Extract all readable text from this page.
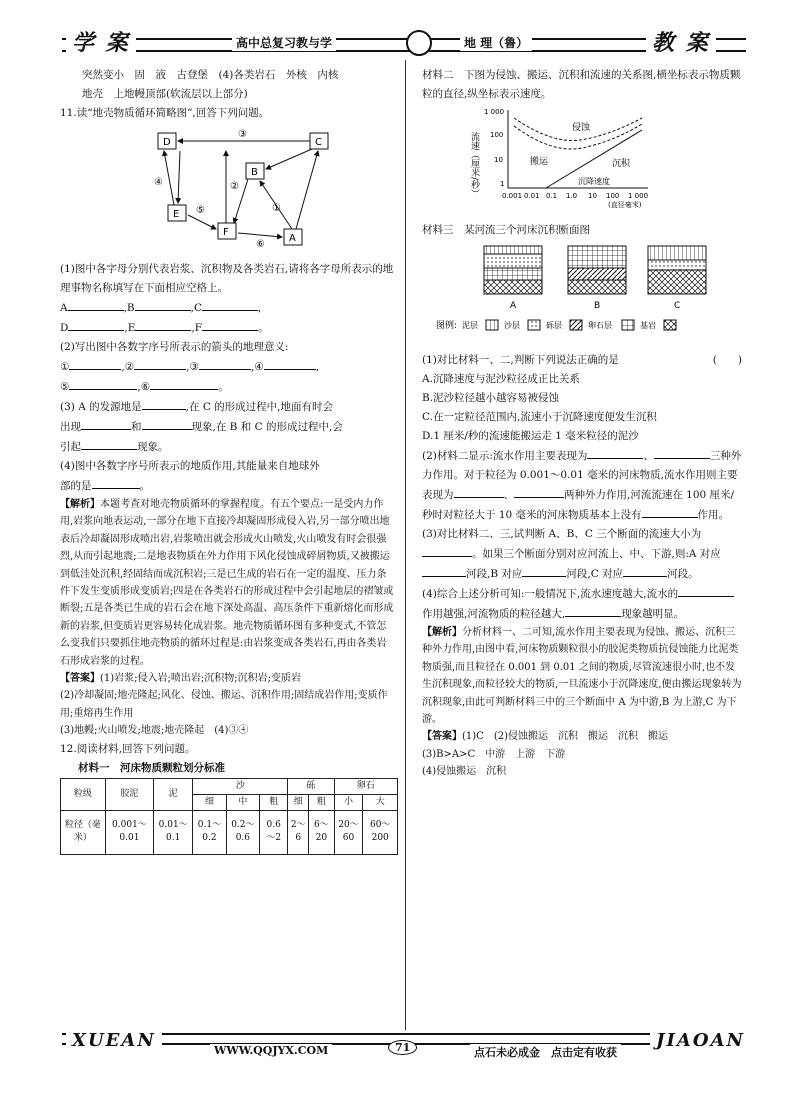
学 案	高中总复习教与学	地 理（鲁）	教 案

突然变小　固　液　古登堡　(4)各类岩石　外核　内核

地壳　上地幔顶部(软流层以上部分)

11.读“地壳物质循环简略图”,回答下列问题。

D	C
B
E
F
A
③
④	②
⑤	①
⑥

(1)图中各字母分别代表岩浆、沉积物及各类岩石,请将各字母所表示的地理事物名称填写在下面相应空格上。

A	,B	,C	,

D	,E	,F	。

(2)写出图中各数字序号所表示的箭头的地理意义:

①	,②	,③	,④	,

⑤	,⑥	。

(3) A 的发源地是	,在 C 的形成过程中,地面有时会
出现	和	现象,在 B 和 C 的形成过程中,会
引起	现象。

(4)图中各数字序号所表示的地质作用,其能量来自地球外
部的是	。

【解析】本题考查对地壳物质循环的掌握程度。有五个要点:一是受内力作用,岩浆向地表运动,一部分在地下直接冷却凝固形成侵入岩,另一部分喷出地表后冷却凝固形成喷出岩,岩浆喷出就会形成火山喷发,火山喷发有时会很强烈,从而引起地震;二是地表物质在外力作用下风化侵蚀成碎屑物质,又被搬运到低洼处沉积,经固结而成沉积岩;三是已生成的岩石在一定的温度、压力条件下发生变质形成变质岩;四是在各类岩石的形成过程中会引起地层的褶皱或断裂;五是各类已生成的岩石会在地下深处高温、高压条件下重新熔化而形成新的岩浆,但变质岩更容易转化成岩浆。地壳物质循环图有多种变式,不管怎么变我们只要抓住地壳物质的循环过程是:由岩浆变成各类岩石,再由各类岩石形成岩浆的过程。

【答案】(1)岩浆;侵入岩;喷出岩;沉积物;沉积岩;变质岩

(2)冷却凝固;地壳隆起;风化、侵蚀、搬运、沉积作用;固结成岩作用;变质作用;重熔再生作用

(3)地幔;火山喷发;地震;地壳隆起　(4)③④

12.阅读材料,回答下列问题。

材料一　河床物质颗粒划分标准

粒级	胶泥	泥	沙			砾		卵石	
			细	中	粗	细	粗	小	大
粒径（毫米）	0.001～0.01	0.01～0.1	0.1～0.2	0.2～0.6	0.6～2	2～6	6～20	20～60	60～200

材料二　下图为侵蚀、搬运、沉积和流速的关系图,横坐标表示物质颗粒的直径,纵坐标表示速度。

流速（厘米/秒）
1 000
100
10
1
0.001 0.01 0.1 1.0 10 100 1 000
(直径毫米)
侵蚀
搬运	沉积
沉降速度

材料三　某河流三个河床沉积断面图

A	B	C
图例: 泥层	沙层	砾层	卵石层	基岩

(1)对比材料一、二,判断下列说法正确的是	(　　)

A.沉降速度与泥沙粒径成正比关系

B.泥沙粒径越小越容易被侵蚀

C.在一定粒径范围内,流速小于沉降速度便发生沉积

D.1 厘米/秒的流速能搬运走 1 毫米粒径的泥沙

(2)材料二显示:流水作用主要表现为	、	三种外力作用。对于粒径为 0.001～0.01 毫米的河床物质,流水作用则主要表现为	、	两种外力作用,河流流速在 100 厘米/秒时对粒径大于 10 毫米的河床物质基本上没有	作用。

(3)对比材料二、三,试判断 A、B、C 三个断面的流速大小为。如果三个断面分别对应河流上、中、下游,则:A 对应河段,B 对应	河段,C 对应	河段。

(4)综合上述分析可知:一般情况下,流水速度越大,流水的作用越强,河流物质的粒径越大,	现象越明显。

【解析】分析材料一、二可知,流水作用主要表现为侵蚀、搬运、沉积三种外力作用,由图中看,河床物质颗粒很小的胶泥类物质抗侵蚀能力比泥类物质强,而且粒径在 0.001 到 0.01 之间的物质,尽管流速很小时,也不发生沉积现象,而粒径较大的物质,一旦流速小于沉降速度,便由搬运现象转为沉积现象,由此可判断材料三中的三个断面中 A 为中游,B 为上游,C 为下游。

【答案】(1)C　(2)侵蚀搬运　沉积　搬运　沉积　搬运

(3)B>A>C　中游　上游　下游

(4)侵蚀搬运　沉积

XUEAN	WWW.QQJYX.COM	71	点石未必成金　点击定有收获
JIAOAN
